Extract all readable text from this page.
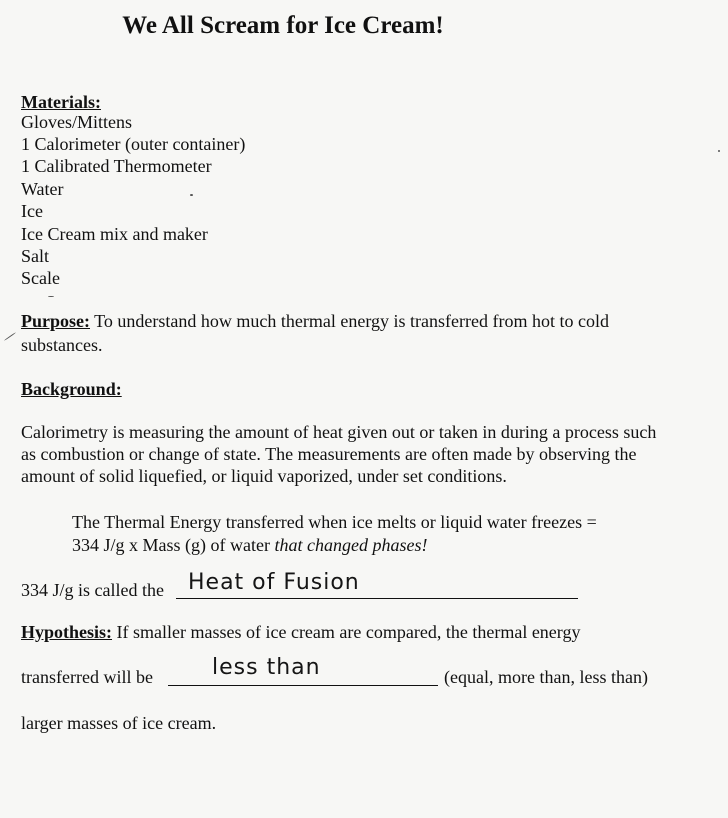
We All Scream for Ice Cream!
Materials:
Gloves/Mittens
1 Calorimeter (outer container)
1 Calibrated Thermometer
Water
Ice
Ice Cream mix and maker
Salt
Scale
Purpose: To understand how much thermal energy is transferred from hot to cold
substances.
Background:
Calorimetry is measuring the amount of heat given out or taken in during a process such
as combustion or change of state. The measurements are often made by observing the
amount of solid liquefied, or liquid vaporized, under set conditions.
The Thermal Energy transferred when ice melts or liquid water freezes =
334 J/g x Mass (g) of water that changed phases!
334 J/g is called the Heat of Fusion
Hypothesis: If smaller masses of ice cream are compared, the thermal energy
transferred will be	less than	(equal, more than, less than)
larger masses of ice cream.
